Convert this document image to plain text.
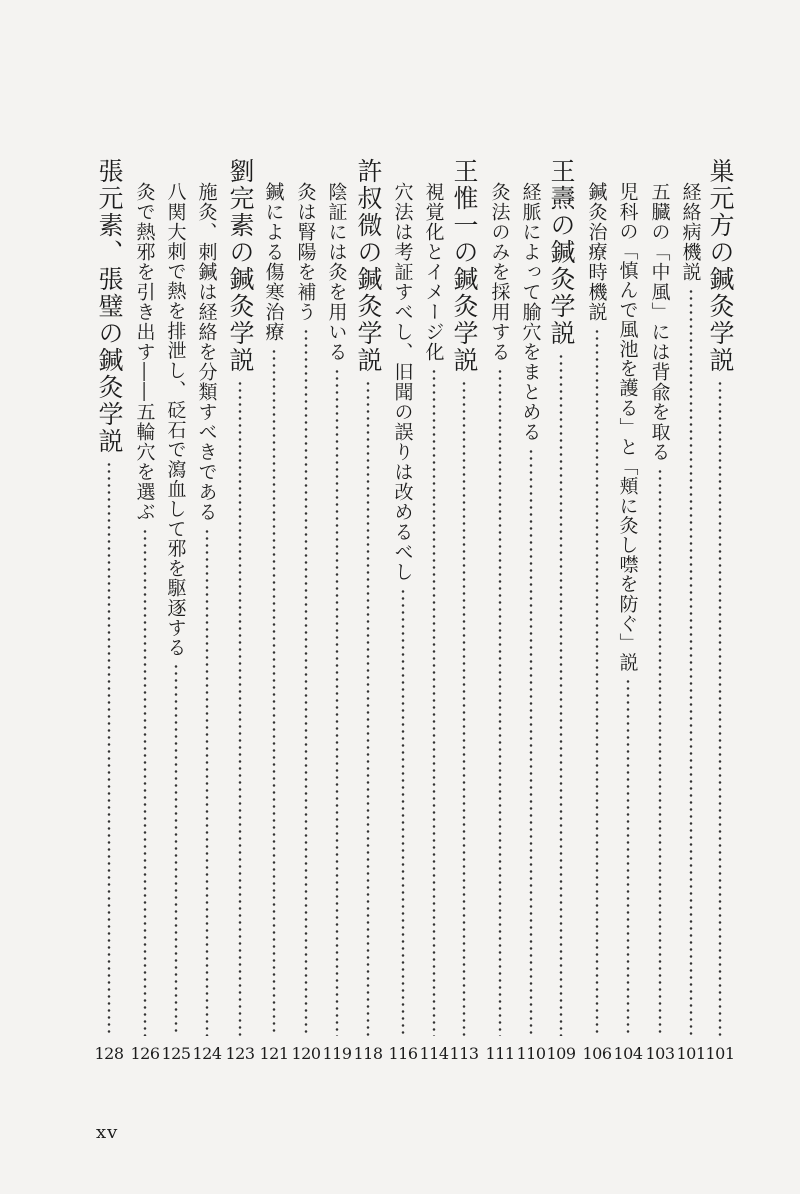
巣元方の鍼灸学説
101
経絡病機説
101
五臓の「中風」には背兪を取る
103
児科の「慎んで風池を護る」と「頬に灸し噤を防ぐ」説
104
鍼灸治療時機説
106
王燾の鍼灸学説
109
経脈によって腧穴をまとめる
110
灸法のみを採用する
111
王惟一の鍼灸学説
113
視覚化とイメージ化
114
穴法は考証すべし、旧聞の誤りは改めるべし
116
許叔微の鍼灸学説
118
陰証には灸を用いる
119
灸は腎陽を補う
120
鍼による傷寒治療
121
劉完素の鍼灸学説
123
施灸、刺鍼は経絡を分類すべきである
124
八関大刺で熱を排泄し、砭石で瀉血して邪を駆逐する
125
灸で熱邪を引き出す
――
五輪穴を選ぶ
126
張元素、張璧の鍼灸学説
128
xv
